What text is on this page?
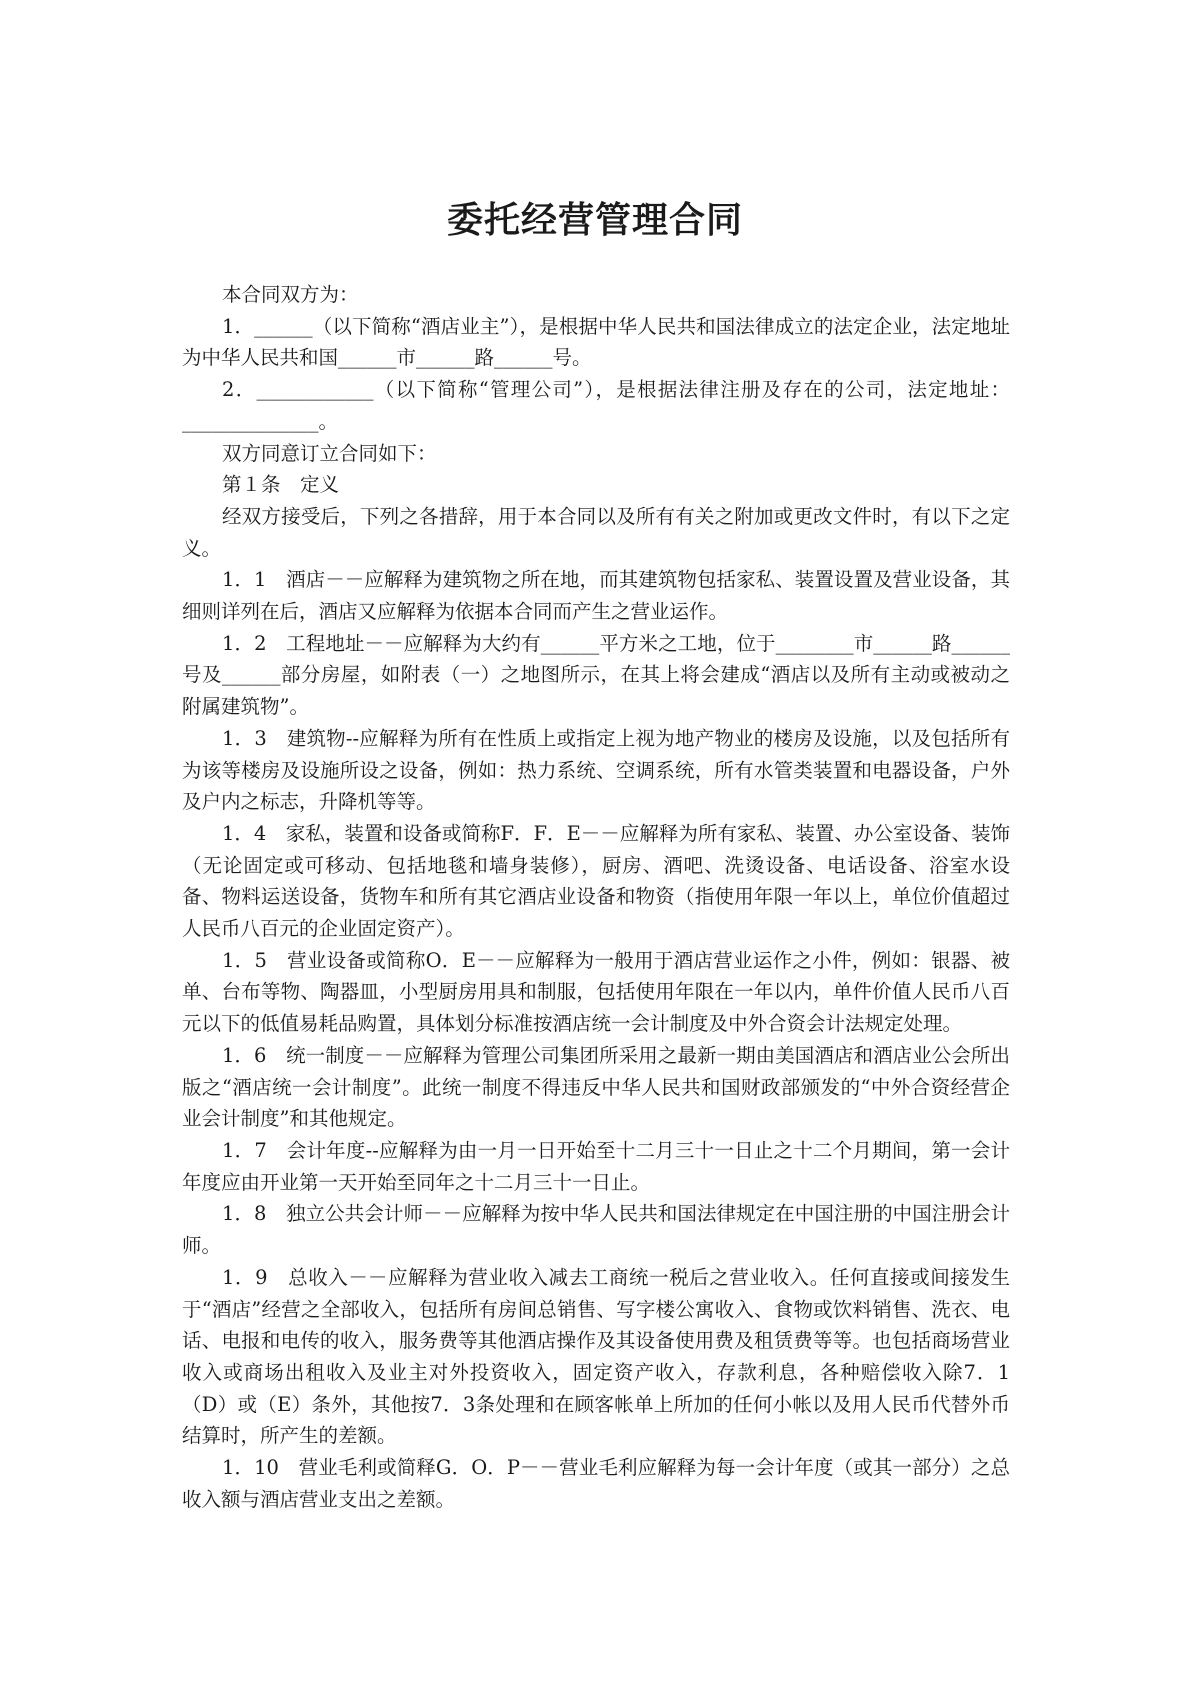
委托经营管理合同

本合同双方为：

1．______（以下简称“酒店业主”），是根据中华人民共和国法律成立的法定企业，法定地址为中华人民共和国______市______路______号。

2．____________（以下简称“管理公司”），是根据法律注册及存在的公司，法定地址：______________。

双方同意订立合同如下：

第１条　定义

经双方接受后，下列之各措辞，用于本合同以及所有有关之附加或更改文件时，有以下之定义。

1．1　酒店－－应解释为建筑物之所在地，而其建筑物包括家私、装置设置及营业设备，其细则详列在后，酒店又应解释为依据本合同而产生之营业运作。

1．2　工程地址－－应解释为大约有______平方米之工地，位于________市______路______号及______部分房屋，如附表（一）之地图所示，在其上将会建成“酒店以及所有主动或被动之附属建筑物”。

1．3　建筑物--应解释为所有在性质上或指定上视为地产物业的楼房及设施，以及包括所有为该等楼房及设施所设之设备，例如：热力系统、空调系统，所有水管类装置和电器设备，户外及户内之标志，升降机等等。

1．4　家私，装置和设备或简称F．F．E－－应解释为所有家私、装置、办公室设备、装饰（无论固定或可移动、包括地毯和墙身装修），厨房、酒吧、洗烫设备、电话设备、浴室水设备、物料运送设备，货物车和所有其它酒店业设备和物资（指使用年限一年以上，单位价值超过人民币八百元的企业固定资产）。

1．5　营业设备或简称O．E－－应解释为一般用于酒店营业运作之小件，例如：银器、被单、台布等物、陶器皿，小型厨房用具和制服，包括使用年限在一年以内，单件价值人民币八百元以下的低值易耗品购置，具体划分标准按酒店统一会计制度及中外合资会计法规定处理。

1．6　统一制度－－应解释为管理公司集团所采用之最新一期由美国酒店和酒店业公会所出版之“酒店统一会计制度”。此统一制度不得违反中华人民共和国财政部颁发的“中外合资经营企业会计制度”和其他规定。

1．7　会计年度--应解释为由一月一日开始至十二月三十一日止之十二个月期间，第一会计年度应由开业第一天开始至同年之十二月三十一日止。

1．8　独立公共会计师－－应解释为按中华人民共和国法律规定在中国注册的中国注册会计师。

1．9　总收入－－应解释为营业收入减去工商统一税后之营业收入。任何直接或间接发生于“酒店”经营之全部收入，包括所有房间总销售、写字楼公寓收入、食物或饮料销售、洗衣、电话、电报和电传的收入，服务费等其他酒店操作及其设备使用费及租赁费等等。也包括商场营业收入或商场出租收入及业主对外投资收入，固定资产收入，存款利息，各种赔偿收入除7．1（D）或（E）条外，其他按7．3条处理和在顾客帐单上所加的任何小帐以及用人民币代替外币结算时，所产生的差额。

1．10　营业毛利或简释G．O．P－－营业毛利应解释为每一会计年度（或其一部分）之总收入额与酒店营业支出之差额。
